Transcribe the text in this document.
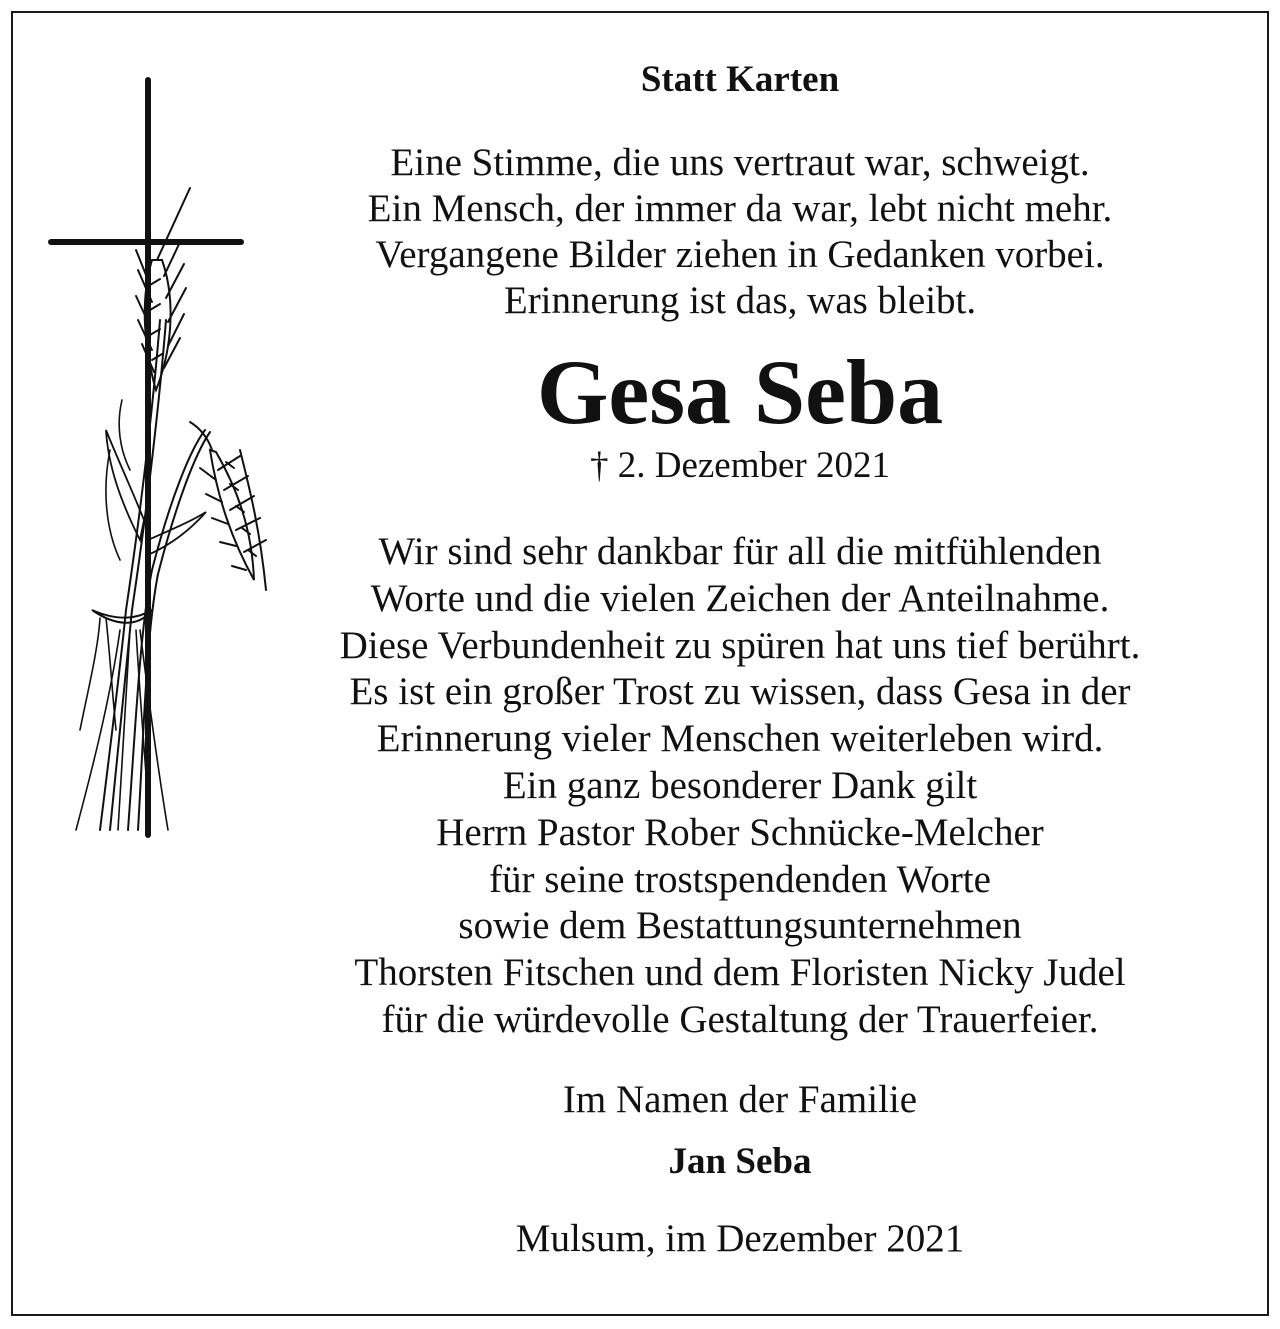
Statt Karten
Eine Stimme, die uns vertraut war, schweigt.
Ein Mensch, der immer da war, lebt nicht mehr.
Vergangene Bilder ziehen in Gedanken vorbei.
Erinnerung ist das, was bleibt.
Gesa Seba
† 2. Dezember 2021
Wir sind sehr dankbar für all die mitfühlenden
Worte und die vielen Zeichen der Anteilnahme.
Diese Verbundenheit zu spüren hat uns tief berührt.
Es ist ein großer Trost zu wissen, dass Gesa in der
Erinnerung vieler Menschen weiterleben wird.
Ein ganz besonderer Dank gilt
Herrn Pastor Rober Schnücke-Melcher
für seine trostspendenden Worte
sowie dem Bestattungsunternehmen
Thorsten Fitschen und dem Floristen Nicky Judel
für die würdevolle Gestaltung der Trauerfeier.
Im Namen der Familie
Jan Seba
Mulsum, im Dezember 2021
